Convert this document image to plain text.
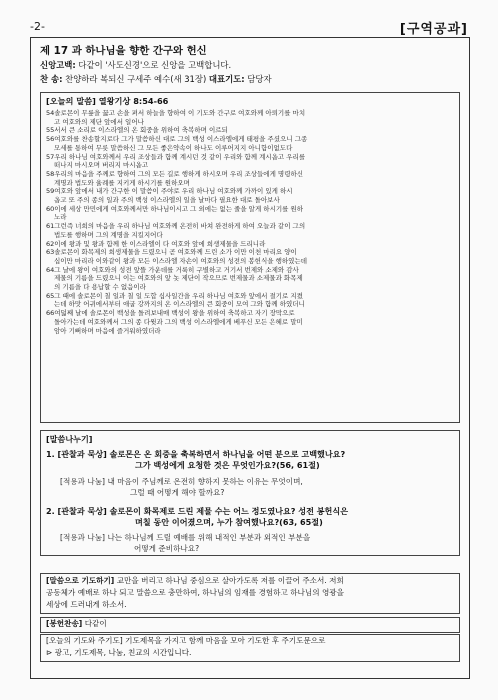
-2-	[구역공과]
제 17 과 하나님을 향한 간구와 헌신
신앙고백: 다같이 '사도신경'으로 신앙을 고백합니다.
찬 송: 찬양하라 복되신 구세주 예수(새 31장) 대표기도: 담당자
[오늘의 말씀] 열왕기상 8:54-66
54솔로몬이 무릎을 꿇고 손을 펴서 하늘을 향하여 이 기도와 간구로 여호와께 아뢰기를 마치
고 여호와의 제단 앞에서 일어나
55서서 큰 소리로 이스라엘의 온 회중을 위하여 축복하며 이르되
56여호와를 찬송할지로다 그가 말씀하신 대로 그의 백성 이스라엘에게 태평을 주셨으니 그종
모세를 통하여 무릇 말씀하신 그 모든 좋은약속이 하나도 이루어지지 아니함이없도다
57우리 하나님 여호와께서 우리 조상들과 함께 계시던 것 같이 우리와 함께 계시옵고 우리를
떠나지 마시오며 버리지 마시옵고
58우리의 마음을 주께로 향하여 그의 모든 길로 행하게 하시오며 우리 조상들에게 명령하신
계명과 법도와 율례를 지키게 하시기를 원하오며
59여호와 앞에서 내가 간구한 이 말씀이 주야로 우리 하나님 여호와께 가까이 있게 하시
옵고 또 주의 종의 일과 주의 백성 이스라엘의 일을 날마다 필요한 대로 돌아보사
60이에 세상 만민에게 여호와께서만 하나님이시고 그 외에는 없는 줄을 알게 하시기를 원하
노라
61그런즉 너희의 마음을 우리 하나님 여호와께 온전히 바쳐 완전하게 하여 오늘과 같이 그의
법도를 행하며 그의 계명을 지킬지어다
62이에 왕과 및 왕과 함께 한 이스라엘이 다 여호와 앞에 희생제물을 드리니라
63솔로몬이 화목제의 희생제물을 드렸으니 곧 여호와께 드린 소가 이만 이천 마리요 양이
십이만 마리라 이와같이 왕과 모든 이스라엘 자손이 여호와의 성전의 봉헌식을 행하였는데
64그 날에 왕이 여호와의 성전 앞뜰 가운데를 거룩히 구별하고 거기서 번제와 소제와 감사
제물의 기름을 드렸으니 이는 여호와의 앞 놋 제단이 작으므로 번제물과 소제물과 화목제
의 기름을 다 용납할 수 없음이라
65그 때에 솔로몬이 칠 일과 칠 일 도합 십사일간을 우리 하나님 여호와 앞에서 절기로 지켰
는데 하맛 어귀에서부터 애굽 강까지의 온 이스라엘의 큰 회중이 모여 그와 함께 하였더니
66여덟째 날에 솔로몬이 백성을 돌려보내매 백성이 왕을 위하여 축복하고 자기 장막으로
돌아가는데 여호와께서 그의 종 다윗과 그의 백성 이스라엘에게 베푸신 모든 은혜로 말미
암아 기뻐하며 마음에 즐거워하였더라
[말씀나누기]
1. [관찰과 묵상] 솔로몬은 온 회중을 축복하면서 하나님을 어떤 분으로 고백했나요?
그가 백성에게 요청한 것은 무엇인가요?(56, 61절)
[적용과 나눔] 내 마음이 주님께로 온전히 향하지 못하는 이유는 무엇이며,
그럴 때 어떻게 해야 할까요?
2. [관찰과 묵상] 솔로몬이 화목제로 드린 제물 수는 어느 정도였나요? 성전 봉헌식은
며칠 동안 이어졌으며, 누가 참여했나요?(63, 65절)
[적용과 나눔] 나는 하나님께 드릴 예배를 위해 내적인 부분과 외적인 부분을
어떻게 준비하나요?
[말씀으로 기도하기] 교만을 버리고 하나님 중심으로 살아가도록 저를 이끌어 주소서. 저희
공동체가 예배로 하나 되고 말씀으로 충만하여, 하나님의 임재를 경험하고 하나님의 영광을
세상에 드러내게 하소서.
[봉헌찬송] 다같이
[오늘의 기도와 주기도] 기도제목을 가지고 함께 마음을 모아 기도한 후 주기도문으로
⊳ 광고, 기도제목, 나눔, 친교의 시간입니다.
